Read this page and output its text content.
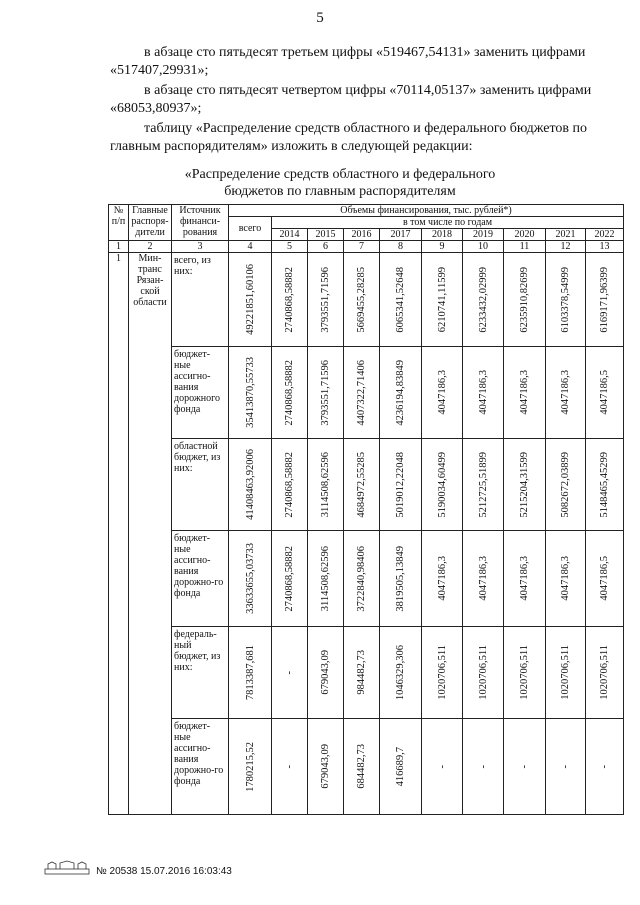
5
в абзаце сто пятьдесят третьем цифры «519467,54131» заменить цифрами «517407,29931»;
в абзаце сто пятьдесят четвертом цифры «70114,05137» заменить цифрами «68053,80937»;
таблицу «Распределение средств областного и федерального бюджетов по главным распорядителям» изложить в следующей редакции:
«Распределение средств областного и федерального бюджетов по главным распорядителям
№ п/п	Главные распоря-дители	Источник финанси-рования	Объемы финансирования, тыс. рублей*)									
			всего	в том числе по годам								
				2014	2015	2016	2017	2018	2019	2020	2021	2022
1	2	3	4	5	6	7	8	9	10	11	12	13
1	Мин-транс Рязан-ской области	всего, из них:	49221851,60106	2740868,58882	3793551,71596	5669455,28285	6065341,52648	6210741,11599	6233432,02999	6235910,82699	6103378,54999	6169171,96399

		бюджет-ные ассигно-вания дорожного фонда	35413870,55733	2740868,58882	3793551,71596	4407322,71406	4236194,83849	4047186,3	4047186,3	4047186,3	4047186,3	4047186,5

		областной бюджет, из них:	41408463,92006	2740868,58882	3114508,62596	4684972,55285	5019012,22048	5190034,60499	5212725,51899	5215204,31599	5082672,03899	5148465,45299

		бюджет-ные ассигно-вания дорожно-го фонда	33633655,03733	2740868,58882	3114508,62596	3722840,98406	3819505,13849	4047186,3	4047186,3	4047186,3	4047186,3	4047186,5

		федераль-ный бюджет, из них:	7813387,681	-	679043,09	984482,73	1046329,306	1020706,511	1020706,511	1020706,511	1020706,511	1020706,511

		бюджет-ные ассигно-вания дорожно-го фонда	1780215,52	-	679043,09	684482,73	416689,7	-	-	-	-	-
№ 20538 15.07.2016 16:03:43
